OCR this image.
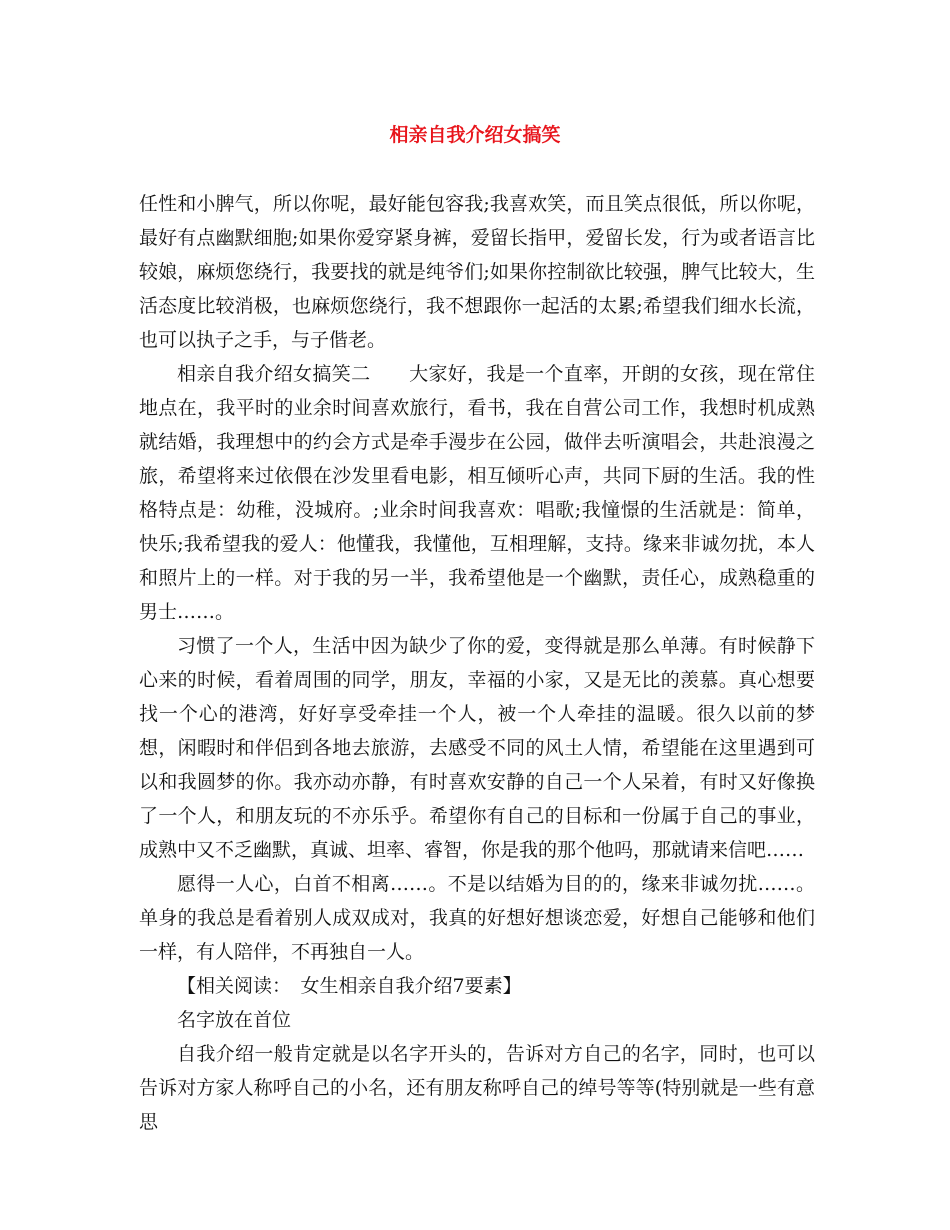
相亲自我介绍女搞笑

任性和小脾气，所以你呢，最好能包容我;我喜欢笑，而且笑点很低，所以你呢，最好有点幽默细胞;如果你爱穿紧身裤，爱留长指甲，爱留长发，行为或者语言比较娘，麻烦您绕行，我要找的就是纯爷们;如果你控制欲比较强，脾气比较大，生活态度比较消极，也麻烦您绕行，我不想跟你一起活的太累;希望我们细水长流，也可以执子之手，与子偕老。

相亲自我介绍女搞笑二　　大家好，我是一个直率，开朗的女孩，现在常住地点在，我平时的业余时间喜欢旅行，看书，我在自营公司工作，我想时机成熟就结婚，我理想中的约会方式是牵手漫步在公园，做伴去听演唱会，共赴浪漫之旅，希望将来过依偎在沙发里看电影，相互倾听心声，共同下厨的生活。我的性格特点是：幼稚，没城府。;业余时间我喜欢：唱歌;我憧憬的生活就是：简单，快乐;我希望我的爱人：他懂我，我懂他，互相理解，支持。缘来非诚勿扰，本人和照片上的一样。对于我的另一半，我希望他是一个幽默，责任心，成熟稳重的男士……。

习惯了一个人，生活中因为缺少了你的爱，变得就是那么单薄。有时候静下心来的时候，看着周围的同学，朋友，幸福的小家，又是无比的羡慕。真心想要找一个心的港湾，好好享受牵挂一个人，被一个人牵挂的温暖。很久以前的梦想，闲暇时和伴侣到各地去旅游，去感受不同的风土人情，希望能在这里遇到可以和我圆梦的你。我亦动亦静，有时喜欢安静的自己一个人呆着，有时又好像换了一个人，和朋友玩的不亦乐乎。希望你有自己的目标和一份属于自己的事业，成熟中又不乏幽默，真诚、坦率、睿智，你是我的那个他吗，那就请来信吧……

愿得一人心，白首不相离……。不是以结婚为目的的，缘来非诚勿扰……。单身的我总是看着别人成双成对，我真的好想好想谈恋爱，好想自己能够和他们一样，有人陪伴，不再独自一人。

【相关阅读：　女生相亲自我介绍7要素】

名字放在首位

自我介绍一般肯定就是以名字开头的，告诉对方自己的名字，同时，也可以告诉对方家人称呼自己的小名，还有朋友称呼自己的绰号等等(特别就是一些有意思
